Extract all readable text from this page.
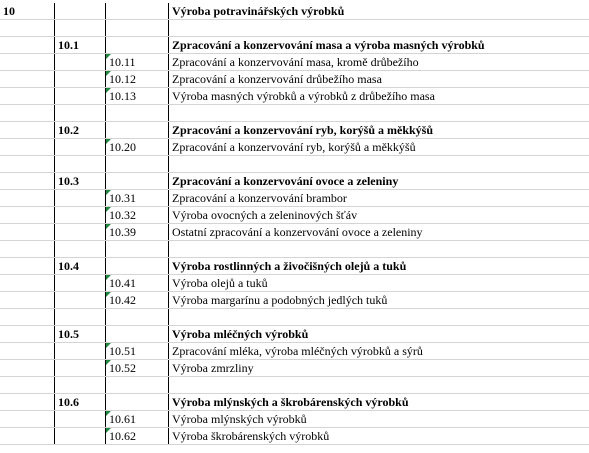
10			Výroba potravinářských výrobků

	10.1		Zpracování a konzervování masa a výroba masných výrobků
		10.11	Zpracování a konzervování masa, kromě drůbežího
		10.12	Zpracování a konzervování drůbežího masa
		10.13	Výroba masných výrobků a výrobků z drůbežího masa

	10.2		Zpracování a konzervování ryb, korýšů a měkkýšů
		10.20	Zpracování a konzervování ryb, korýšů a měkkýšů

	10.3		Zpracování a konzervování ovoce a zeleniny
		10.31	Zpracování a konzervování brambor
		10.32	Výroba ovocných a zeleninových šťáv
		10.39	Ostatní zpracování a konzervování ovoce a zeleniny

	10.4		Výroba rostlinných a živočišných olejů a tuků
		10.41	Výroba olejů a tuků
		10.42	Výroba margarínu a podobných jedlých tuků

	10.5		Výroba mléčných výrobků
		10.51	Zpracování mléka, výroba mléčných výrobků a sýrů
		10.52	Výroba zmrzliny

	10.6		Výroba mlýnských a škrobárenských výrobků
		10.61	Výroba mlýnských výrobků
		10.62	Výroba škrobárenských výrobků
